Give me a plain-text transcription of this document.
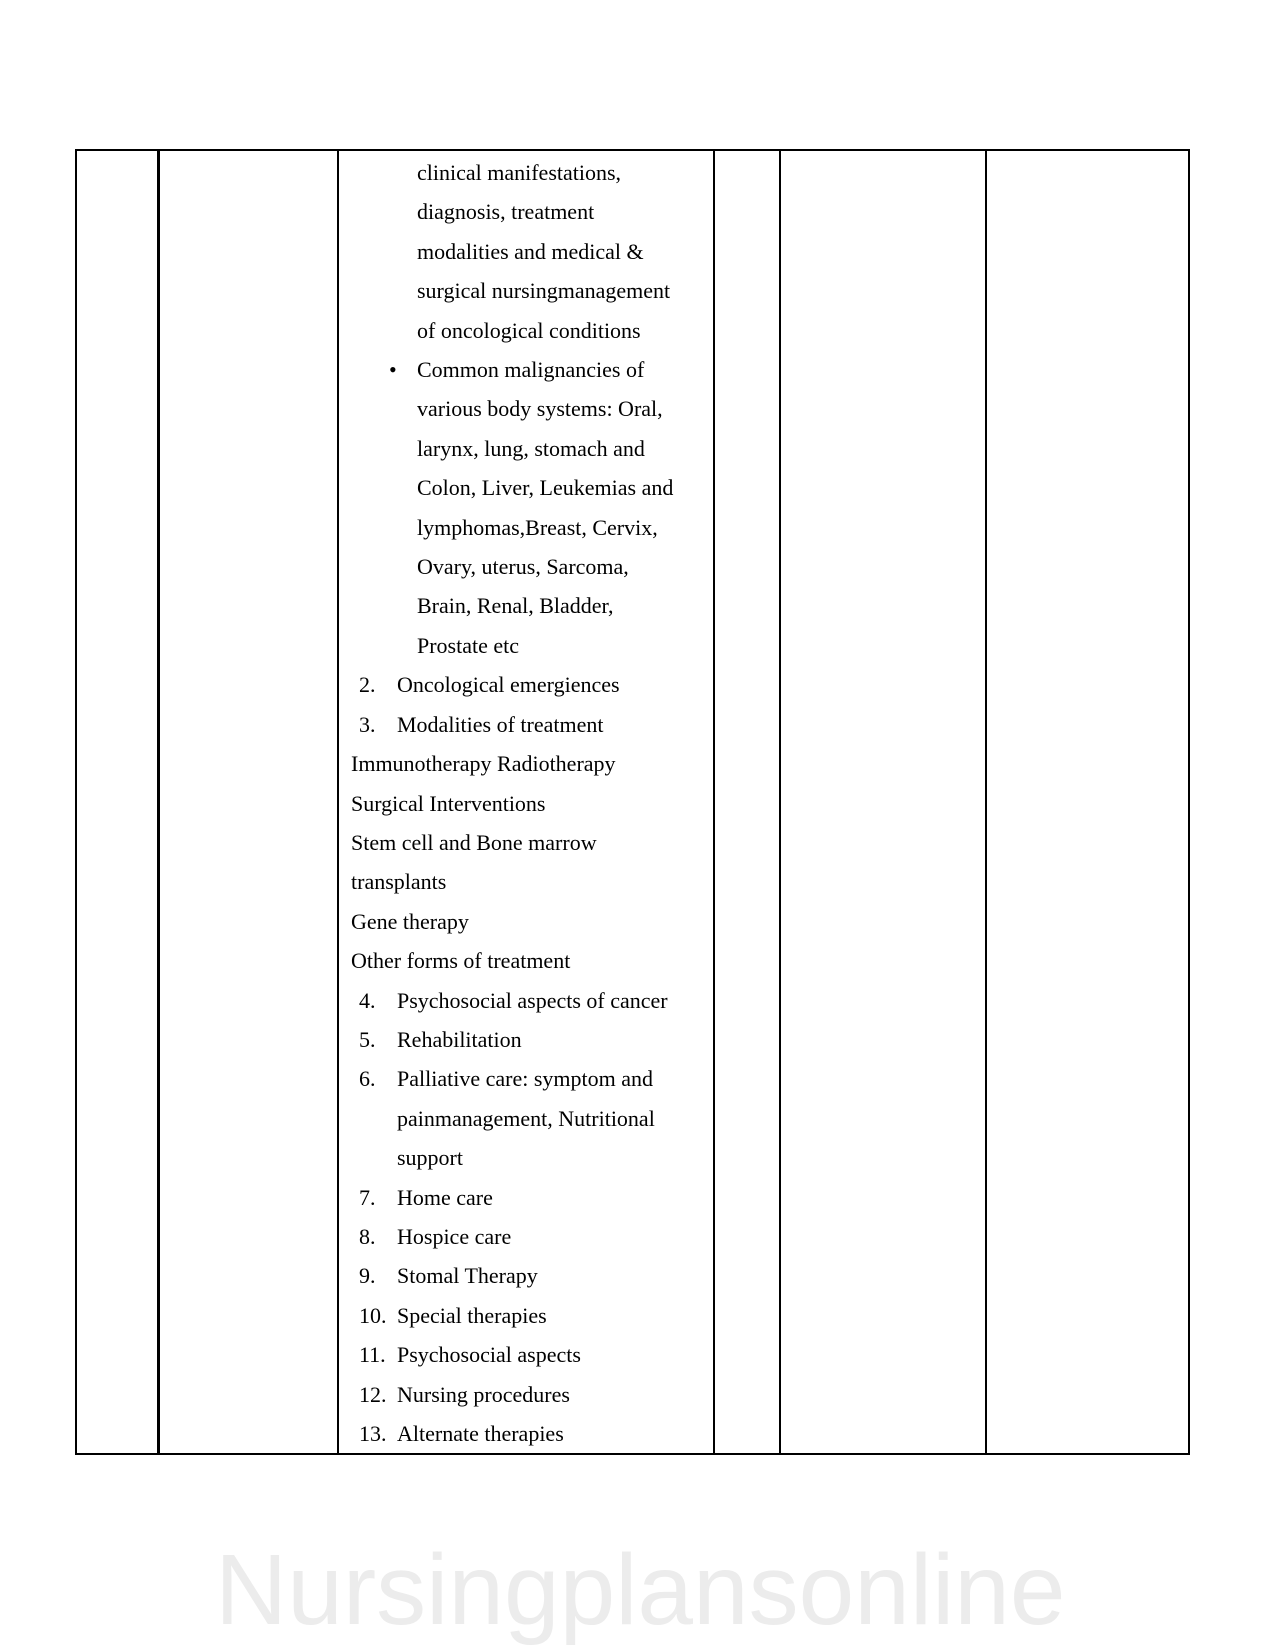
clinical manifestations,
diagnosis, treatment
modalities and medical &
surgical nursingmanagement
of oncological conditions
• Common malignancies of
various body systems: Oral,
larynx, lung, stomach and
Colon, Liver, Leukemias and
lymphomas,Breast, Cervix,
Ovary, uterus, Sarcoma,
Brain, Renal, Bladder,
Prostate etc
2. Oncological emergiences
3. Modalities of treatment
Immunotherapy Radiotherapy
Surgical Interventions
Stem cell and Bone marrow
transplants
Gene therapy
Other forms of treatment
4. Psychosocial aspects of cancer
5. Rehabilitation
6. Palliative care: symptom and
painmanagement, Nutritional
support
7. Home care
8. Hospice care
9. Stomal Therapy
10. Special therapies
11. Psychosocial aspects
12. Nursing procedures
13. Alternate therapies
Nursingplansonline
